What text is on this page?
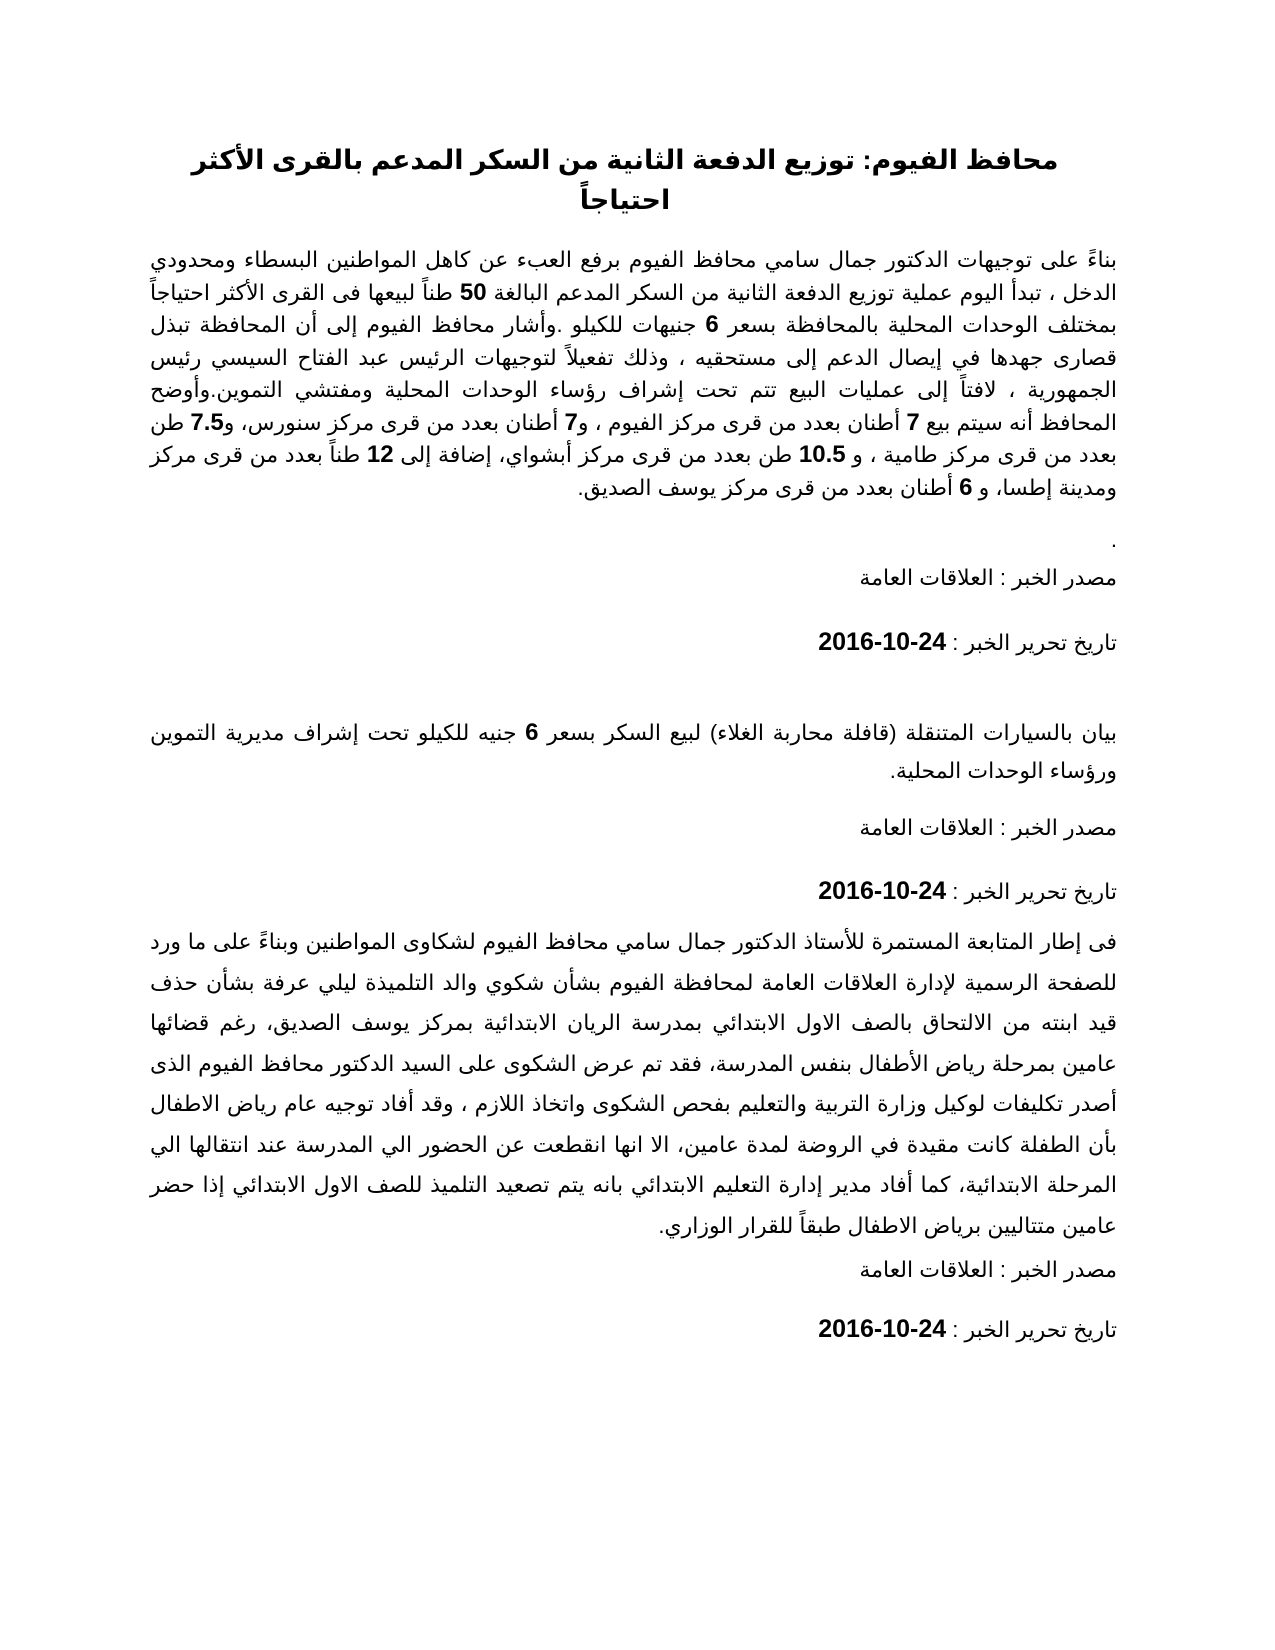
محافظ الفيوم: توزيع الدفعة الثانية من السكر المدعم بالقرى الأكثر احتياجاً

بناءً على توجيهات الدكتور جمال سامي محافظ الفيوم برفع العبء عن كاهل المواطنين البسطاء ومحدودي الدخل ، تبدأ اليوم عملية توزيع الدفعة الثانية من السكر المدعم البالغة 50 طناً لبيعها فى القرى الأكثر احتياجاً بمختلف الوحدات المحلية بالمحافظة بسعر 6 جنيهات للكيلو .وأشار محافظ الفيوم إلى أن المحافظة تبذل قصارى جهدها في إيصال الدعم إلى مستحقيه ، وذلك تفعيلاً لتوجيهات الرئيس عبد الفتاح السيسي رئيس الجمهورية ، لافتاً إلى عمليات البيع تتم تحت إشراف رؤساء الوحدات المحلية ومفتشي التموين.وأوضح المحافظ أنه سيتم بيع 7 أطنان بعدد من قرى مركز الفيوم ، و7 أطنان بعدد من قرى مركز سنورس، و7.5 طن بعدد من قرى مركز طامية ، و 10.5 طن بعدد من قرى مركز أبشواي، إضافة إلى 12 طناً بعدد من قرى مركز ومدينة إطسا، و 6 أطنان بعدد من قرى مركز يوسف الصديق.

.

مصدر الخبر : العلاقات العامة

تاريخ تحرير الخبر : 2016-10-24

بيان بالسيارات المتنقلة (قافلة محاربة الغلاء) لبيع السكر بسعر 6 جنيه للكيلو تحت إشراف مديرية التموين ورؤساء الوحدات المحلية.

مصدر الخبر : العلاقات العامة

تاريخ تحرير الخبر : 2016-10-24

فى إطار المتابعة المستمرة للأستاذ الدكتور جمال سامي محافظ الفيوم لشكاوى المواطنين وبناءً على ما ورد للصفحة الرسمية لإدارة العلاقات العامة لمحافظة الفيوم بشأن شكوي والد التلميذة ليلي عرفة بشأن حذف قيد ابنته من الالتحاق بالصف الاول الابتدائي بمدرسة الريان الابتدائية بمركز يوسف الصديق، رغم قضائها عامين بمرحلة رياض الأطفال بنفس المدرسة، فقد تم عرض الشكوى على السيد الدكتور محافظ الفيوم الذى أصدر تكليفات لوكيل وزارة التربية والتعليم بفحص الشكوى واتخاذ اللازم ، وقد أفاد توجيه عام رياض الاطفال بأن الطفلة كانت مقيدة في الروضة لمدة عامين، الا انها انقطعت عن الحضور الي المدرسة عند انتقالها الي المرحلة الابتدائية، كما أفاد مدير إدارة التعليم الابتدائي بانه يتم تصعيد التلميذ للصف الاول الابتدائي إذا حضر عامين متتاليين برياض الاطفال طبقاً للقرار الوزاري.

مصدر الخبر : العلاقات العامة

تاريخ تحرير الخبر : 2016-10-24
